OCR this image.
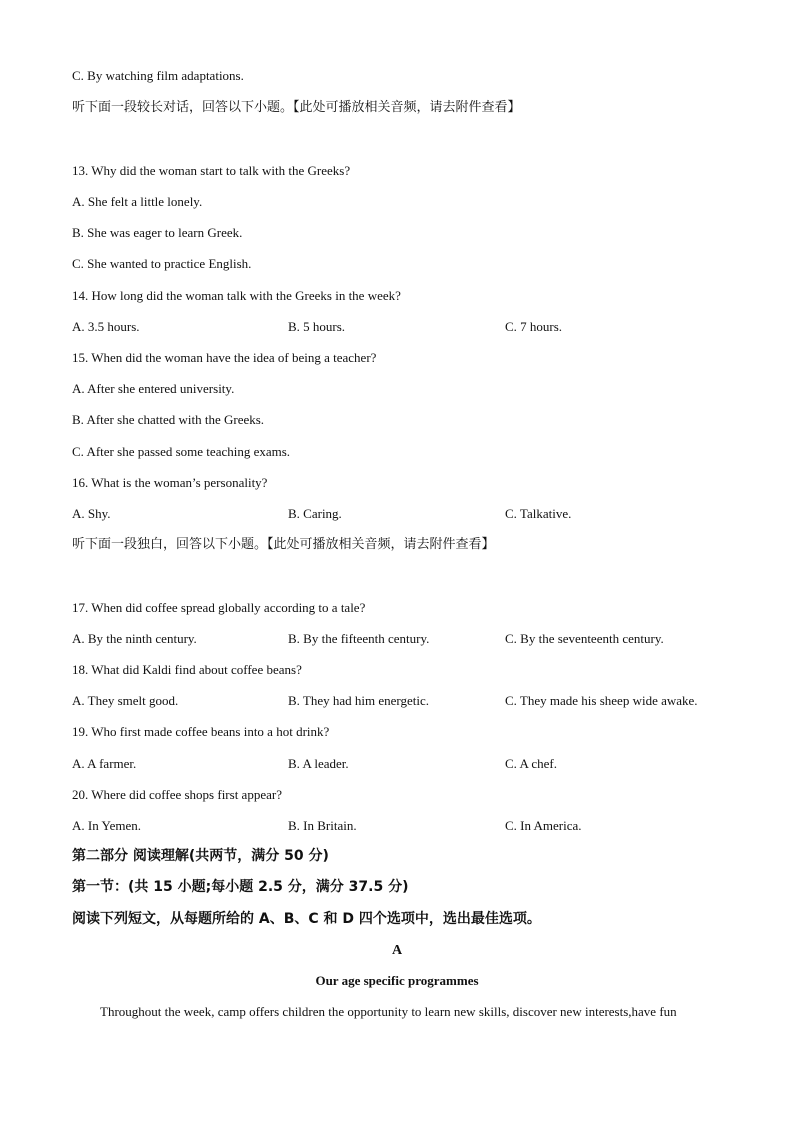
C. By watching film adaptations.
听下面一段较长对话，回答以下小题。【此处可播放相关音频，请去附件查看】
13. Why did the woman start to talk with the Greeks?
A. She felt a little lonely.
B. She was eager to learn Greek.
C. She wanted to practice English.
14. How long did the woman talk with the Greeks in the week?
A. 3.5 hours.	B. 5 hours.	C. 7 hours.
15. When did the woman have the idea of being a teacher?
A. After she entered university.
B. After she chatted with the Greeks.
C. After she passed some teaching exams.
16. What is the woman’s personality?
A. Shy.	B. Caring.	C. Talkative.
听下面一段独白，回答以下小题。【此处可播放相关音频，请去附件查看】
17. When did coffee spread globally according to a tale?
A. By the ninth century.	B. By the fifteenth century.	C. By the seventeenth century.
18. What did Kaldi find about coffee beans?
A. They smelt good.	B. They had him energetic.	C. They made his sheep wide awake.
19. Who first made coffee beans into a hot drink?
A. A farmer.	B. A leader.	C. A chef.
20. Where did coffee shops first appear?
A. In Yemen.	B. In Britain.	C. In America.
第二部分 阅读理解(共两节，满分 50 分)
第一节：(共 15 小题;每小题 2.5 分，满分 37.5 分)
阅读下列短文，从每题所给的 A、B、C 和 D 四个选项中，选出最佳选项。
A
Our age specific programmes
Throughout the week, camp offers children the opportunity to learn new skills, discover new interests,have fun
